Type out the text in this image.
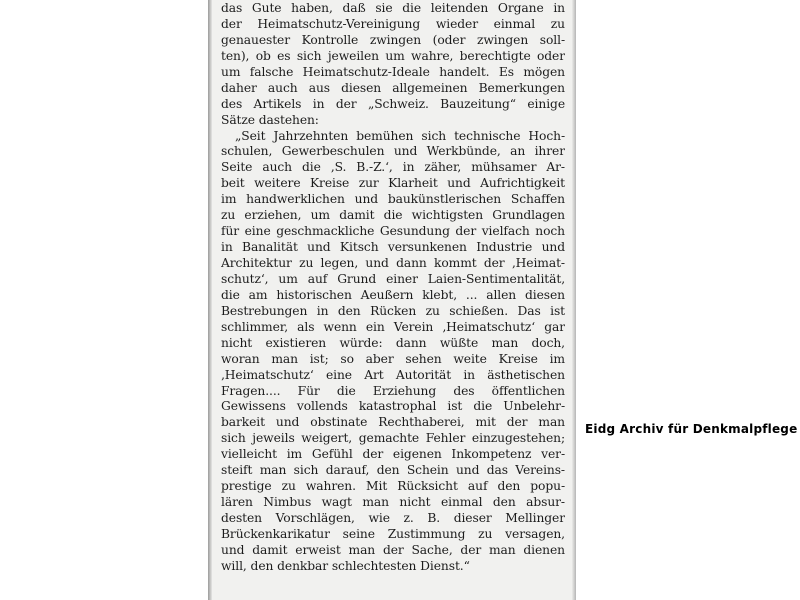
das Gute haben, daß sie die leitenden Organe in
der Heimatschutz-Vereinigung wieder einmal zu
genauester Kontrolle zwingen (oder zwingen soll-
ten), ob es sich jeweilen um wahre, berechtigte oder
um falsche Heimatschutz-Ideale handelt. Es mögen
daher auch aus diesen allgemeinen Bemerkungen
des Artikels in der „Schweiz. Bauzeitung“ einige
Sätze dastehen:
„Seit Jahrzehnten bemühen sich technische Hoch-
schulen, Gewerbeschulen und Werkbünde, an ihrer
Seite auch die ‚S. B.-Z.‘, in zäher, mühsamer Ar-
beit weitere Kreise zur Klarheit und Aufrichtigkeit
im handwerklichen und baukünstlerischen Schaffen
zu erziehen, um damit die wichtigsten Grundlagen
für eine geschmackliche Gesundung der vielfach noch
in Banalität und Kitsch versunkenen Industrie und
Architektur zu legen, und dann kommt der ‚Heimat-
schutz‘, um auf Grund einer Laien-Sentimentalität,
die am historischen Aeußern klebt, ... allen diesen
Bestrebungen in den Rücken zu schießen. Das ist
schlimmer, als wenn ein Verein ‚Heimatschutz‘ gar
nicht existieren würde: dann wüßte man doch,
woran man ist; so aber sehen weite Kreise im
‚Heimatschutz‘ eine Art Autorität in ästhetischen
Fragen.... Für die Erziehung des öffentlichen
Gewissens vollends katastrophal ist die Unbelehr-
barkeit und obstinate Rechthaberei, mit der man
sich jeweils weigert, gemachte Fehler einzugestehen;
vielleicht im Gefühl der eigenen Inkompetenz ver-
steift man sich darauf, den Schein und das Vereins-
prestige zu wahren. Mit Rücksicht auf den popu-
lären Nimbus wagt man nicht einmal den absur-
desten Vorschlägen, wie z. B. dieser Mellinger
Brückenkarikatur seine Zustimmung zu versagen,
und damit erweist man der Sache, der man dienen
will, den denkbar schlechtesten Dienst.“
Eidg Archiv für Denkmalpflege
